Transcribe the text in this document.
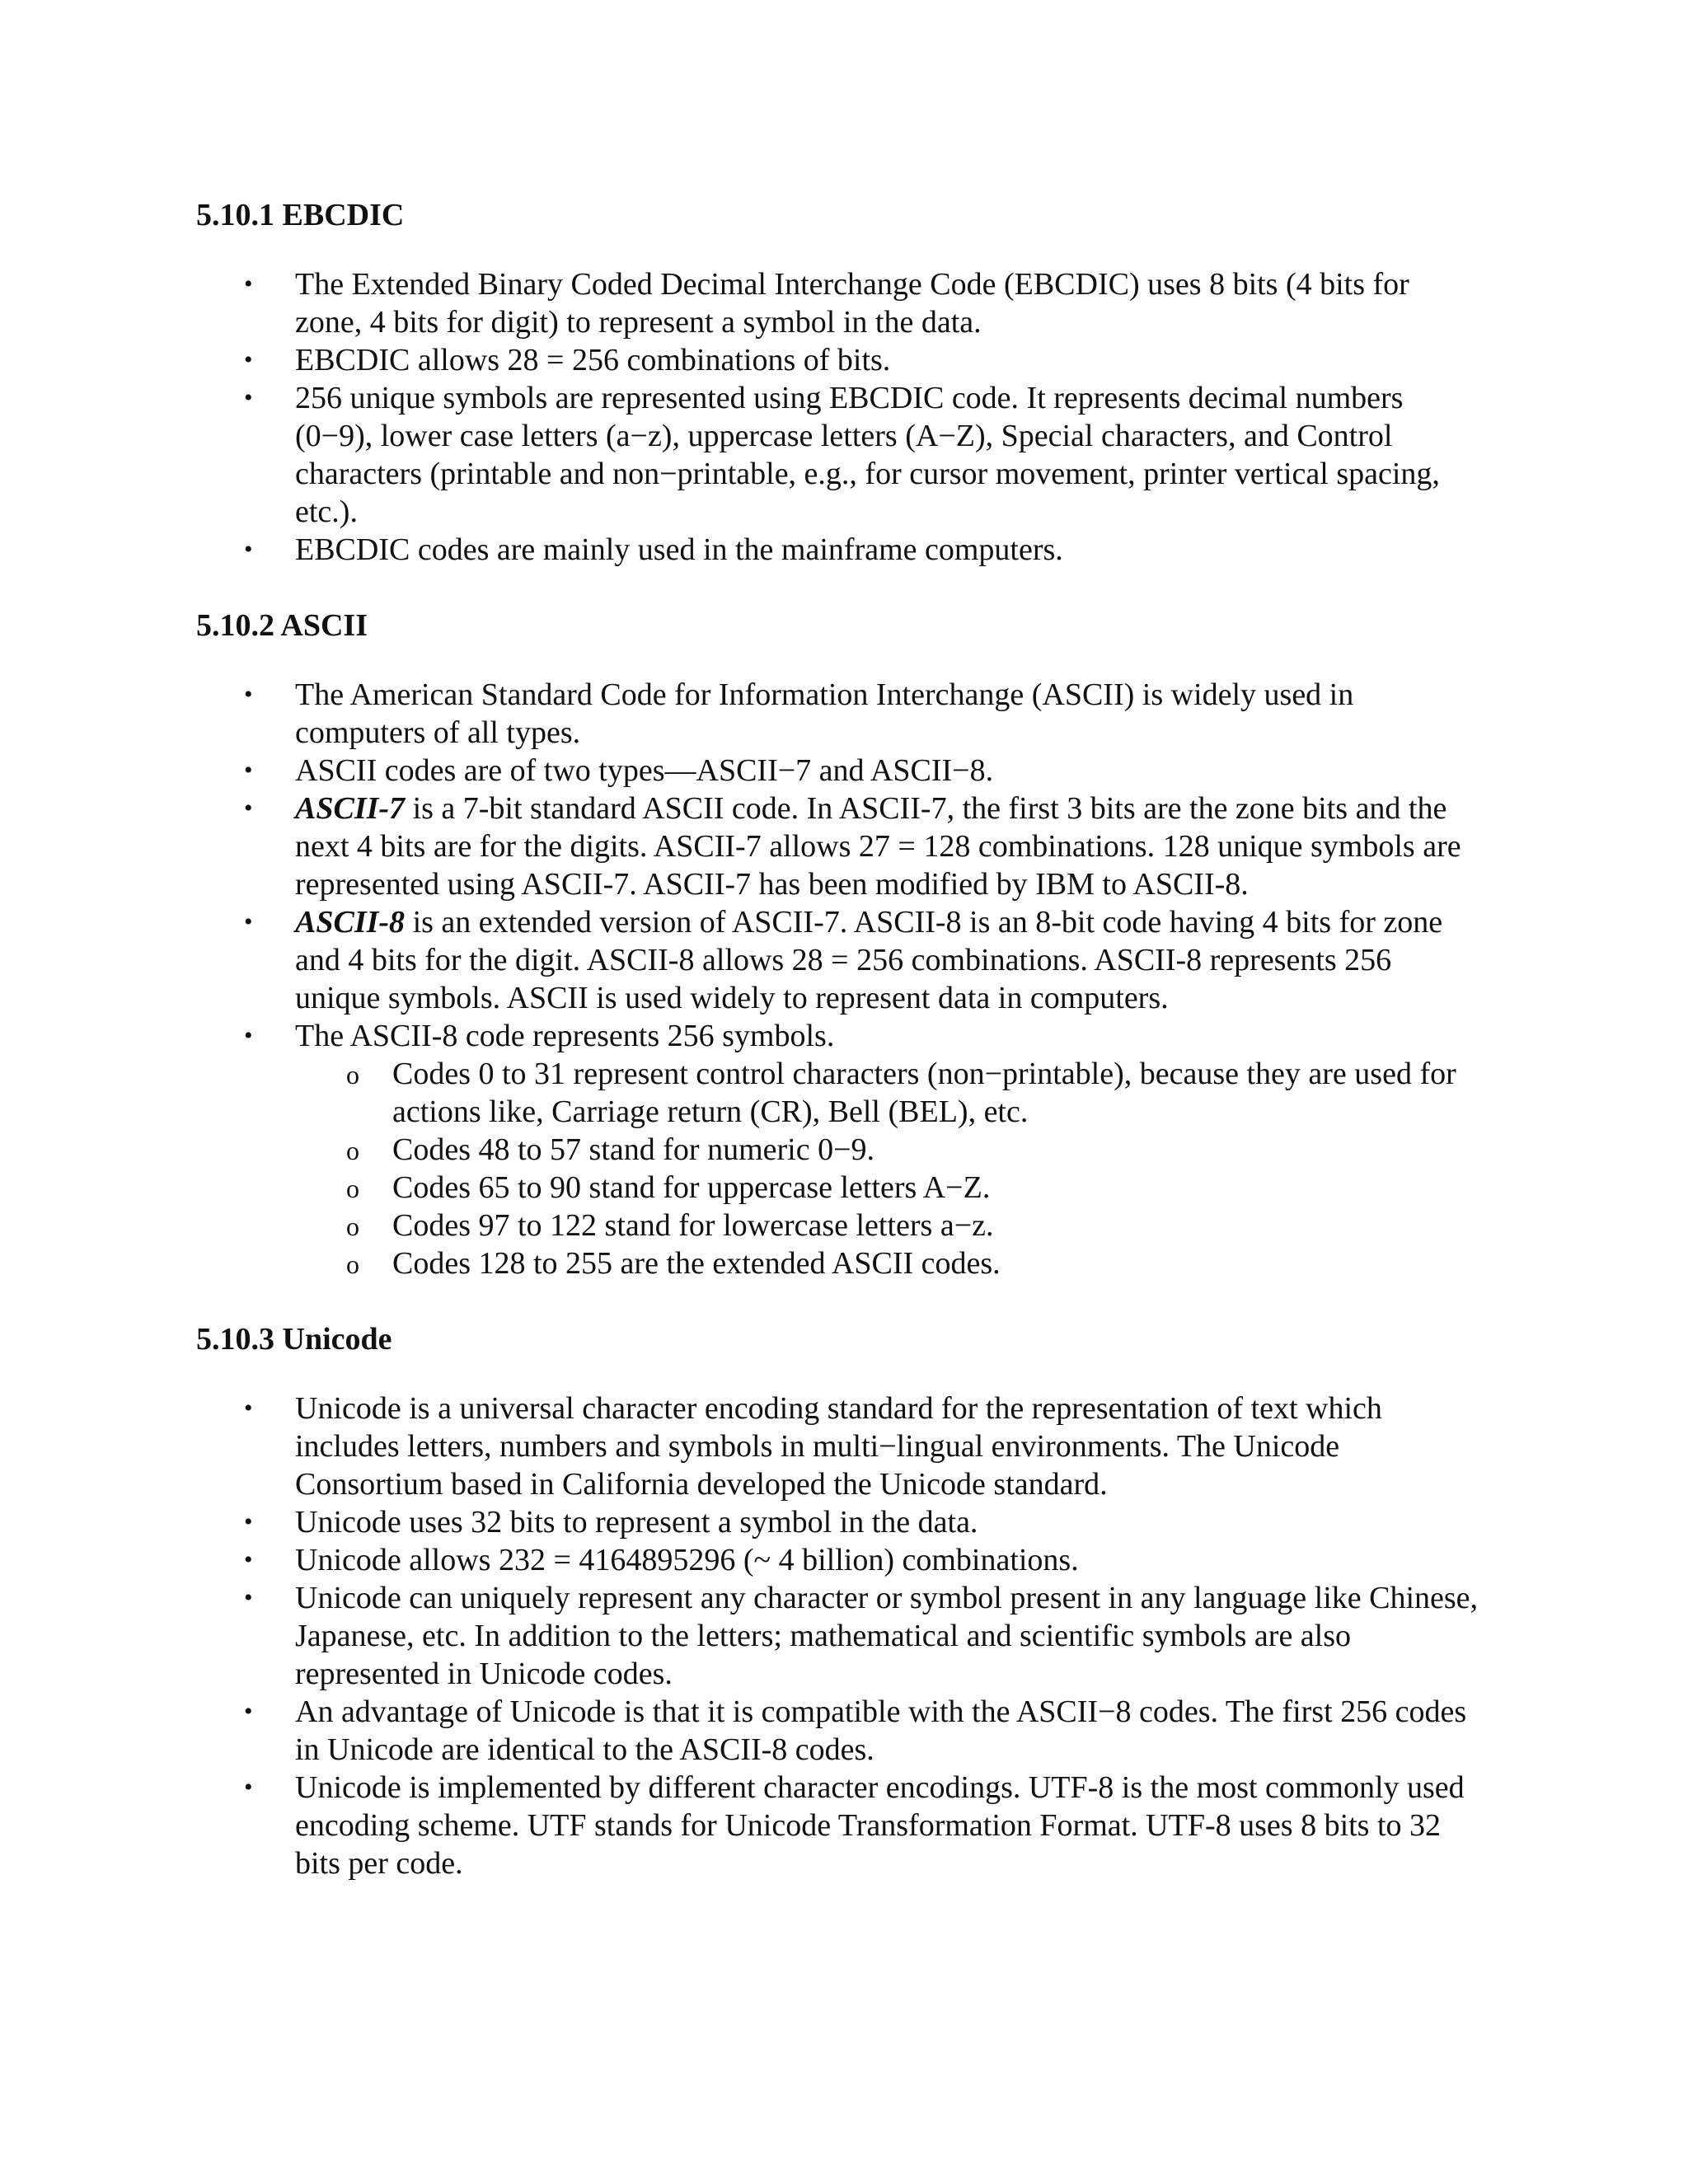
5.10.1 EBCDIC
• The Extended Binary Coded Decimal Interchange Code (EBCDIC) uses 8 bits (4 bits for zone, 4 bits for digit) to represent a symbol in the data.
• EBCDIC allows 28 = 256 combinations of bits.
• 256 unique symbols are represented using EBCDIC code. It represents decimal numbers (0−9), lower case letters (a−z), uppercase letters (A−Z), Special characters, and Control characters (printable and non−printable, e.g., for cursor movement, printer vertical spacing, etc.).
• EBCDIC codes are mainly used in the mainframe computers.
5.10.2 ASCII
• The American Standard Code for Information Interchange (ASCII) is widely used in computers of all types.
• ASCII codes are of two types—ASCII−7 and ASCII−8.
• ASCII-7 is a 7-bit standard ASCII code. In ASCII-7, the first 3 bits are the zone bits and the next 4 bits are for the digits. ASCII-7 allows 27 = 128 combinations. 128 unique symbols are represented using ASCII-7. ASCII-7 has been modified by IBM to ASCII-8.
• ASCII-8 is an extended version of ASCII-7. ASCII-8 is an 8-bit code having 4 bits for zone and 4 bits for the digit. ASCII-8 allows 28 = 256 combinations. ASCII-8 represents 256 unique symbols. ASCII is used widely to represent data in computers.
• The ASCII-8 code represents 256 symbols.
o Codes 0 to 31 represent control characters (non−printable), because they are used for actions like, Carriage return (CR), Bell (BEL), etc.
o Codes 48 to 57 stand for numeric 0−9.
o Codes 65 to 90 stand for uppercase letters A−Z.
o Codes 97 to 122 stand for lowercase letters a−z.
o Codes 128 to 255 are the extended ASCII codes.
5.10.3 Unicode
• Unicode is a universal character encoding standard for the representation of text which includes letters, numbers and symbols in multi−lingual environments. The Unicode Consortium based in California developed the Unicode standard.
• Unicode uses 32 bits to represent a symbol in the data.
• Unicode allows 232 = 4164895296 (~ 4 billion) combinations.
• Unicode can uniquely represent any character or symbol present in any language like Chinese, Japanese, etc. In addition to the letters; mathematical and scientific symbols are also represented in Unicode codes.
• An advantage of Unicode is that it is compatible with the ASCII−8 codes. The first 256 codes in Unicode are identical to the ASCII-8 codes.
• Unicode is implemented by different character encodings. UTF-8 is the most commonly used encoding scheme. UTF stands for Unicode Transformation Format. UTF-8 uses 8 bits to 32 bits per code.
